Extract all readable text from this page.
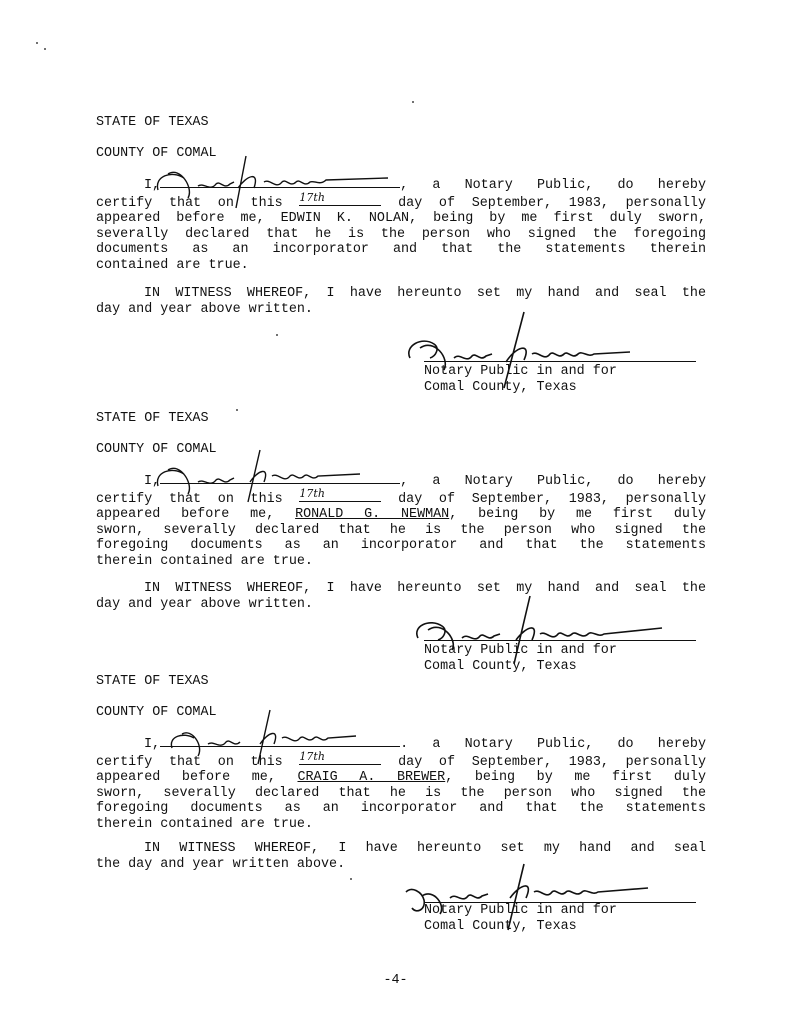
STATE OF TEXAS
COUNTY OF COMAL
I,	, a Notary Public, do hereby
certify that on this 17th	day of September, 1983, personally
appeared before me, EDWIN K. NOLAN, being by me first duly sworn,
severally declared that he is the person who signed the foregoing
documents as an incorporator and that the statements therein
contained are true.
IN WITNESS WHEREOF, I have hereunto set my hand and seal the
day and year above written.
Notary Public in and for
Comal County, Texas
STATE OF TEXAS
COUNTY OF COMAL
I,	, a Notary Public, do hereby
certify that on this 17th	day of September, 1983, personally
appeared before me, RONALD G. NEWMAN, being by me first duly
sworn, severally declared that he is the person who signed the
foregoing documents as an incorporator and that the statements
therein contained are true.
IN WITNESS WHEREOF, I have hereunto set my hand and seal the
day and year above written.
Notary Public in and for
Comal County, Texas
STATE OF TEXAS
COUNTY OF COMAL
I,	. a Notary Public, do hereby
certify that on this 17th	day of September, 1983, personally
appeared before me, CRAIG A. BREWER, being by me first duly
sworn, severally declared that he is the person who signed the
foregoing documents as an incorporator and that the statements
therein contained are true.
IN WITNESS WHEREOF, I have hereunto set my hand and seal
the day and year written above.
Notary Public in and for
Comal County, Texas
-4-
